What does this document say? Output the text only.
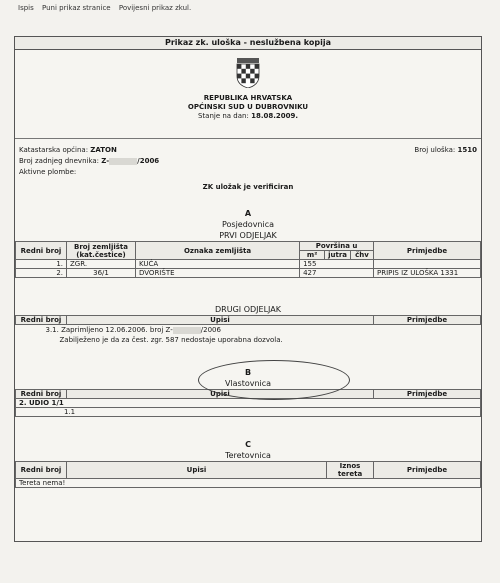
Ispis Puni prikaz stranice Povijesni prikaz zkul.
Prikaz zk. uloška - neslužbena kopija
REPUBLIKA HRVATSKA
OPĆINSKI SUD U DUBROVNIKU
Stanje na dan: 18.08.2009.
Katastarska općina: ZATON
Broj zadnjeg dnevnika: Z-	/2006
Aktivne plombe:
Broj uloška: 1510
ZK uložak je verificiran
A
Posjedovnica
PRVI ODJELJAK
Redni broj	Broj zemljišta (kat.čestice)	Oznaka zemljišta	Površina u			Primjedbe
			m²	jutra	čhv	
1.	ZGR.	KUĆA	155			
2.	36/1	DVORIŠTE	427			PRIPIS IZ ULOŠKA 1331
DRUGI ODJELJAK
Redni broj	Upisi	Primjedbe
3.1. Zaprimljeno 12.06.2006. broj Z-	/2006
Zabilježeno je da za čest. zgr. 587 nedostaje uporabna dozvola.
B
Vlastovnica
Redni broj	Upisi	Primjedbe
2. UDIO 1/1
1.1
C
Teretovnica
Redni broj	Upisi	Iznos tereta	Primjedbe
Tereta nema!
